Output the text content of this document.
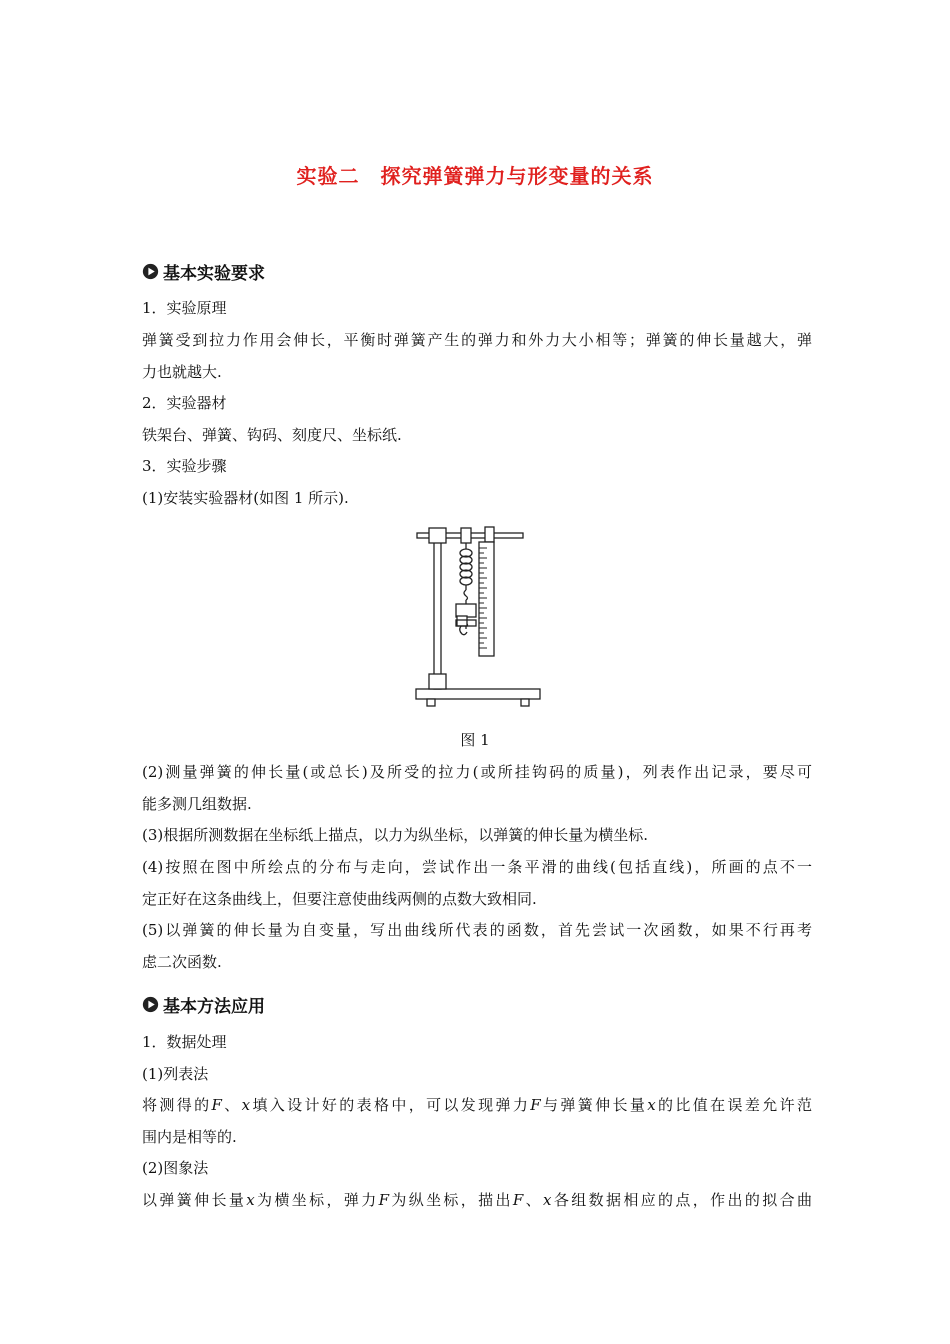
实验二　探究弹簧弹力与形变量的关系
基本实验要求
1．实验原理
弹簧受到拉力作用会伸长，平衡时弹簧产生的弹力和外力大小相等；弹簧的伸长量越大，弹
力也就越大.
2．实验器材
铁架台、弹簧、钩码、刻度尺、坐标纸.
3．实验步骤
(1)安装实验器材(如图 1 所示).
图 1
(2)测量弹簧的伸长量(或总长)及所受的拉力(或所挂钩码的质量)，列表作出记录，要尽可
能多测几组数据.
(3)根据所测数据在坐标纸上描点，以力为纵坐标，以弹簧的伸长量为横坐标.
(4)按照在图中所绘点的分布与走向，尝试作出一条平滑的曲线(包括直线)，所画的点不一
定正好在这条曲线上，但要注意使曲线两侧的点数大致相同.
(5)以弹簧的伸长量为自变量，写出曲线所代表的函数，首先尝试一次函数，如果不行再考
虑二次函数.
基本方法应用
1．数据处理
(1)列表法
将测得的F、x填入设计好的表格中，可以发现弹力F与弹簧伸长量x的比值在误差允许范
围内是相等的.
(2)图象法
以弹簧伸长量x为横坐标，弹力F为纵坐标，描出F、x各组数据相应的点，作出的拟合曲
